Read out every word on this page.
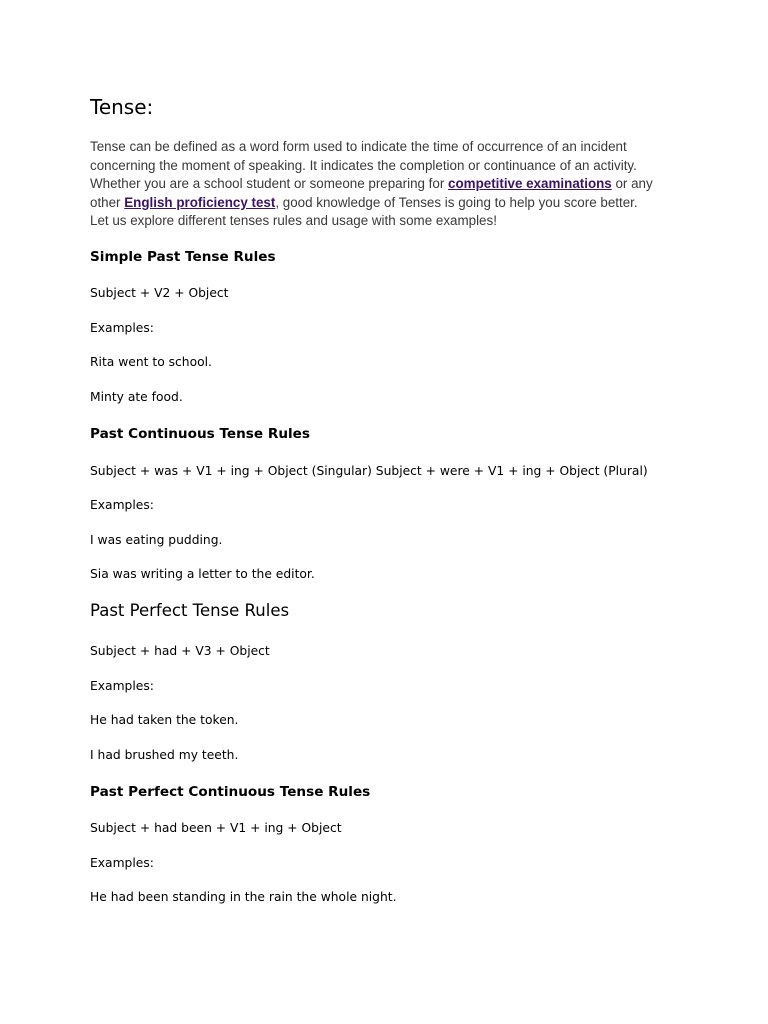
Tense:

Tense can be defined as a word form used to indicate the time of occurrence of an incident
concerning the moment of speaking. It indicates the completion or continuance of an activity.
Whether you are a school student or someone preparing for competitive examinations or any
other English proficiency test, good knowledge of Tenses is going to help you score better.
Let us explore different tenses rules and usage with some examples!

Simple Past Tense Rules

Subject + V2 + Object

Examples:

Rita went to school.

Minty ate food.

Past Continuous Tense Rules

Subject + was + V1 + ing + Object (Singular) Subject + were + V1 + ing + Object (Plural)

Examples:

I was eating pudding.

Sia was writing a letter to the editor.

Past Perfect Tense Rules

Subject + had + V3 + Object

Examples:

He had taken the token.

I had brushed my teeth.

Past Perfect Continuous Tense Rules

Subject + had been + V1 + ing + Object

Examples:

He had been standing in the rain the whole night.
